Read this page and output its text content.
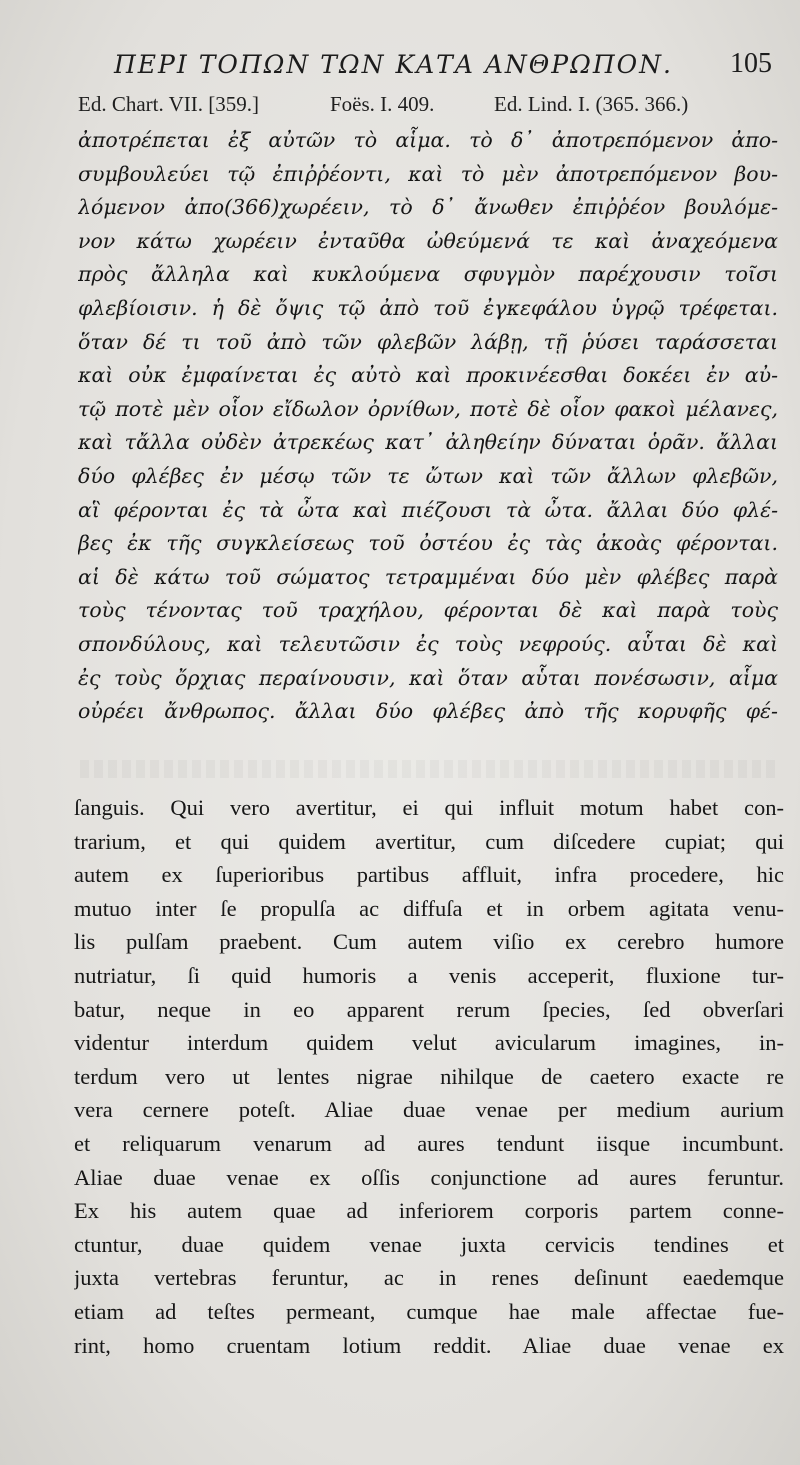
ΠΕΡΙ ΤΟΠΩΝ ΤΩΝ ΚΑΤΑ ΑΝΘΡΩΠΟΝ. 105
Ed. Chart. VII. [359.]	Foës. I. 409.	Ed. Lind. I. (365. 366.)
ἀποτρέπεται ἐξ αὐτῶν τὸ αἷμα. τὸ δ᾿ ἀποτρεπόμενον ἀπο-
συμβουλεύει τῷ ἐπιῤῥέοντι, καὶ τὸ μὲν ἀποτρεπόμενον βου-
λόμενον ἀπο(366)χωρέειν, τὸ δ᾿ ἄνωθεν ἐπιῤῥέον βουλόμε-
νον κάτω χωρέειν ἐνταῦθα ὠθεύμενά τε καὶ ἀναχεόμενα
πρὸς ἄλληλα καὶ κυκλούμενα σφυγμὸν παρέχουσιν τοῖσι
φλεβίοισιν. ἡ δὲ ὄψις τῷ ἀπὸ τοῦ ἐγκεφάλου ὑγρῷ τρέφεται.
ὅταν δέ τι τοῦ ἀπὸ τῶν φλεβῶν λάβῃ, τῇ ῥύσει ταράσσεται
καὶ οὐκ ἐμφαίνεται ἐς αὐτὸ καὶ προκινέεσθαι δοκέει ἐν αὐ-
τῷ ποτὲ μὲν οἷον εἴδωλον ὀρνίθων, ποτὲ δὲ οἷον φακοὶ μέλανες,
καὶ τἄλλα οὐδὲν ἀτρεκέως κατ᾿ ἀληθείην δύναται ὁρᾶν. ἄλλαι
δύο φλέβες ἐν μέσῳ τῶν τε ὤτων καὶ τῶν ἄλλων φλεβῶν,
αἳ φέρονται ἐς τὰ ὦτα καὶ πιέζουσι τὰ ὦτα. ἄλλαι δύο φλέ-
βες ἐκ τῆς συγκλείσεως τοῦ ὀστέου ἐς τὰς ἀκοὰς φέρονται.
αἱ δὲ κάτω τοῦ σώματος τετραμμέναι δύο μὲν φλέβες παρὰ
τοὺς τένοντας τοῦ τραχήλου, φέρονται δὲ καὶ παρὰ τοὺς
σπονδύλους, καὶ τελευτῶσιν ἐς τοὺς νεφρούς. αὗται δὲ καὶ
ἐς τοὺς ὄρχιας περαίνουσιν, καὶ ὅταν αὗται πονέσωσιν, αἷμα
οὐρέει ἄνθρωπος. ἄλλαι δύο φλέβες ἀπὸ τῆς κορυφῆς φέ-
ſanguis. Qui vero avertitur, ei qui influit motum habet con-
trarium, et qui quidem avertitur, cum diſcedere cupiat; qui
autem ex ſuperioribus partibus affluit, infra procedere, hic
mutuo inter ſe propulſa ac diffuſa et in orbem agitata venu-
lis pulſam praebent. Cum autem viſio ex cerebro humore
nutriatur, ſi quid humoris a venis acceperit, fluxione tur-
batur, neque in eo apparent rerum ſpecies, ſed obverſari
videntur interdum quidem velut avicularum imagines, in-
terdum vero ut lentes nigrae nihilque de caetero exacte re
vera cernere poteſt. Aliae duae venae per medium aurium
et reliquarum venarum ad aures tendunt iisque incumbunt.
Aliae duae venae ex oſſis conjunctione ad aures feruntur.
Ex his autem quae ad inferiorem corporis partem conne-
ctuntur, duae quidem venae juxta cervicis tendines et
juxta vertebras feruntur, ac in renes deſinunt eaedemque
etiam ad teſtes permeant, cumque hae male affectae fue-
rint, homo cruentam lotium reddit. Aliae duae venae ex
